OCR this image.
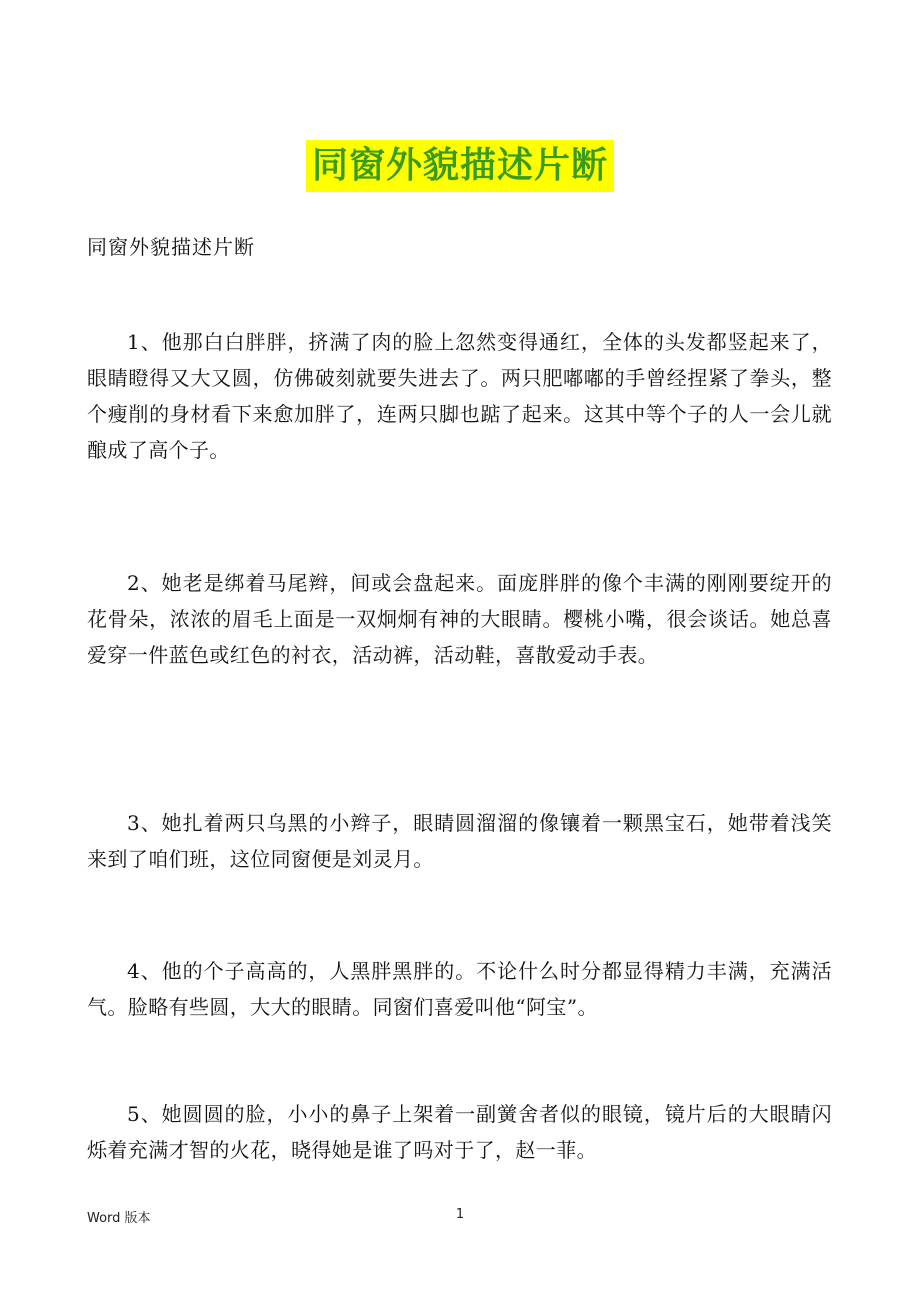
同窗外貌描述片断
同窗外貌描述片断

1、他那白白胖胖，挤满了肉的脸上忽然变得通红，全体的头发都竖起来了，眼睛瞪得又大又圆，仿佛破刻就要失进去了。两只肥嘟嘟的手曾经捏紧了拳头，整个瘦削的身材看下来愈加胖了，连两只脚也踮了起来。这其中等个子的人一会儿就酿成了高个子。

2、她老是绑着马尾辫，间或会盘起来。面庞胖胖的像个丰满的刚刚要绽开的花骨朵，浓浓的眉毛上面是一双炯炯有神的大眼睛。樱桃小嘴，很会谈话。她总喜爱穿一件蓝色或红色的衬衣，活动裤，活动鞋，喜散爱动手表。

3、她扎着两只乌黑的小辫子，眼睛圆溜溜的像镶着一颗黑宝石，她带着浅笑来到了咱们班，这位同窗便是刘灵月。

4、他的个子高高的，人黑胖黑胖的。不论什么时分都显得精力丰满，充满活气。脸略有些圆，大大的眼睛。同窗们喜爱叫他“阿宝”。

5、她圆圆的脸，小小的鼻子上架着一副黉舍者似的眼镜，镜片后的大眼睛闪烁着充满才智的火花，晓得她是谁了吗对于了，赵一菲。

Word 版本	1
